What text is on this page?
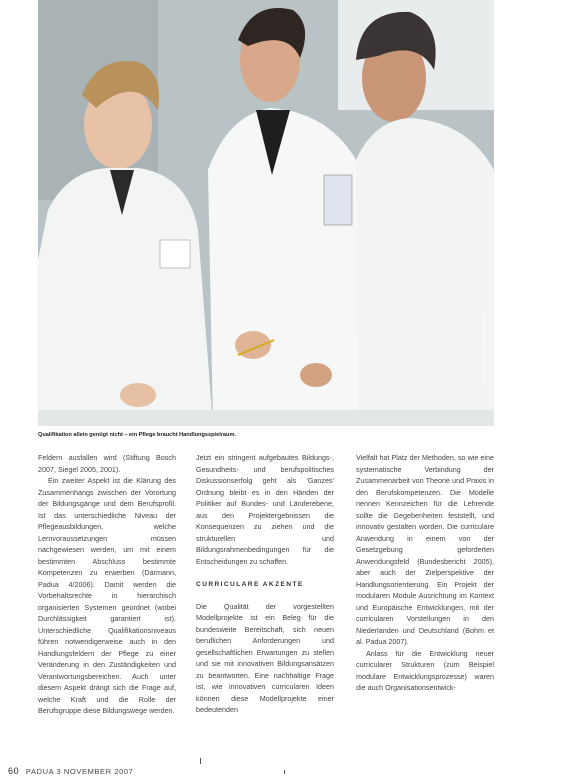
FOTO: STUDIO NAHRUNG
Qualifikation allein genügt nicht – ein Pflege braucht Handlungsspielraum.

Feldern ausfallen wird (Stiftung Bosch 2007, Siegel 2005, 2001).

Ein zweiter Aspekt ist die Klärung des Zusammenhangs zwischen der Vorortung der Bildungsgänge und dem Berufsprofil. Ist das unterschiedliche Niveau der Pflegeausbildungen, welche Lernvoraussetzungen müssen nachgewiesen werden, um mit einem bestimmten Abschluss bestimmte Kompetenzen zu erwerben (Darmann, Padua 4/2006). Damit werden die Vorbehaltsrechte in hierarchisch organisierten Systemen geordnet (wobei Durchlässigkeit garantiert ist). Unterschiedliche Qualifikationsniveaus führen notwendigerweise auch in den Handlungsfeldern der Pflege zu einer Veränderung in den Zuständigkeiten und Verantwortungsbereichen. Auch unter diesem Aspekt drängt sich die Frage auf, welche Kraft und die Rolle der Berufsgruppe diese Bildungswege werden.

Jetzt ein stringent aufgebautes Bildungs-, Gesundheits- und berufspolitisches Diskussionserfolg geht als 'Ganzes' Ordnung bleibt es in den Händen der Politiker auf Bundes- und Länderebene, aus den Projektergebnissen die Konsequenzen zu ziehen und die strukturellen und Bildungsrahmenbedingungen für die Entscheidungen zu schaffen.

CURRICULARE AKZENTE

Die Qualität der vorgestellten Modellprojekte ist ein Beleg für die bundesweite Bereitschaft, sich neuen beruflichen Anforderungen und gesellschaftlichen Erwartungen zu stellen und sie mit innovativen Bildungsansätzen zu beantworten. Eine nachhaltige Frage ist, wie innovativen curricularen Ideen können diese Modellprojekte einer bedeutenden

Vielfalt hat Platz der Methoden, so wie eine systematische Verbindung der Zusammenarbeit von Theorie und Praxis in den Berufskompetenzen. Die Modelle nennen Kennzeichen für die Lehrende sollte die Gegebenheiten feststellt, und innovativ gestalten worden. Die curriculare Anwendung in einem von der Gesetzgebung geforderten Anwendungsfeld (Bundesbericht 2005), aber auch der Zielperspektive der Handlungsorientierung. Ein Projekt der modularen Module Ausrichtung im Kontext und Europäische Entwicklungen, mit der curricularen Vorstellungen in den Niederlanden und Deutschland (Bohm et al. Padua 2007).

Anlass für die Entwicklung neuer curricularer Strukturen (zum Beispiel modulare Entwicklungsprozesse) waren die auch Organisationsentwick-

60 PADUA 3 NOVEMBER 2007
